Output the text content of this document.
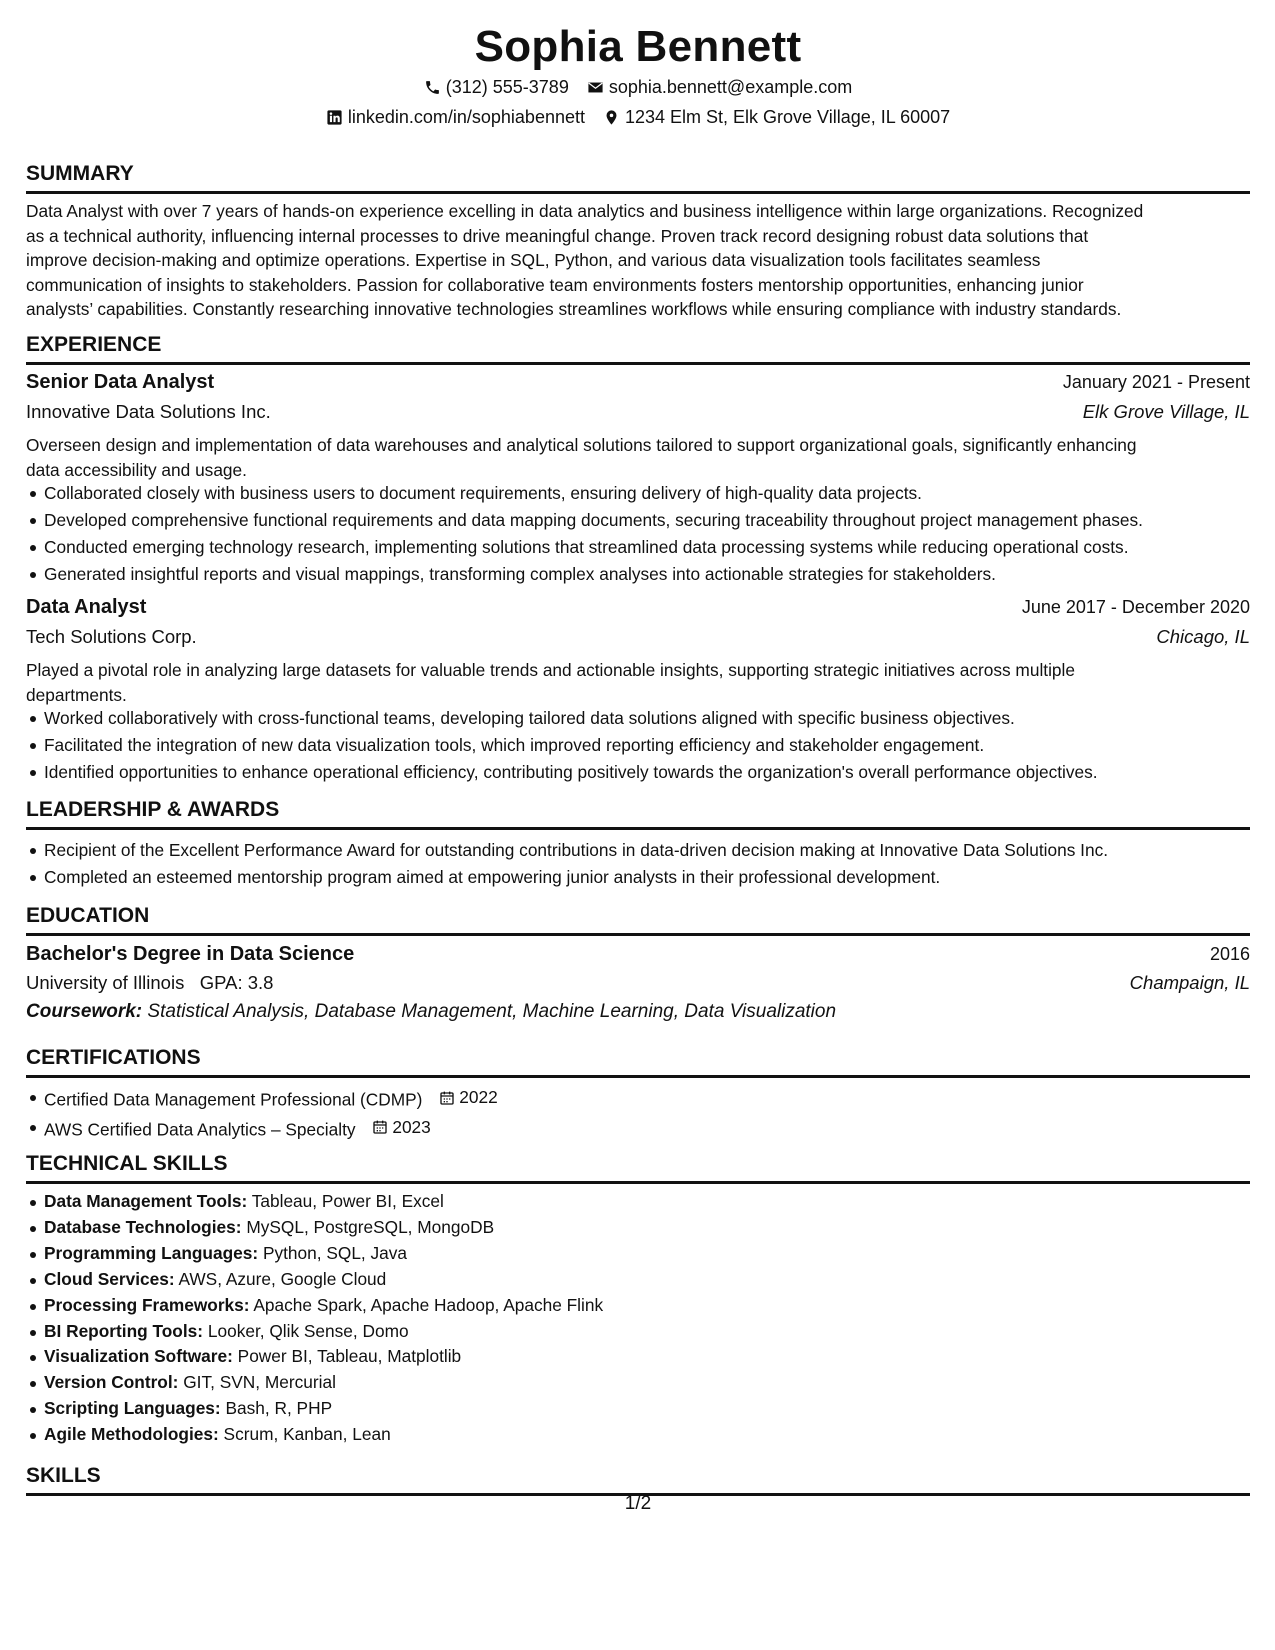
Sophia Bennett
(312) 555-3789 sophia.bennett@example.com
linkedin.com/in/sophiabennett 1234 Elm St, Elk Grove Village, IL 60007
SUMMARY
Data Analyst with over 7 years of hands-on experience excelling in data analytics and business intelligence within large organizations. Recognized
as a technical authority, influencing internal processes to drive meaningful change. Proven track record designing robust data solutions that
improve decision-making and optimize operations. Expertise in SQL, Python, and various data visualization tools facilitates seamless
communication of insights to stakeholders. Passion for collaborative team environments fosters mentorship opportunities, enhancing junior
analysts’ capabilities. Constantly researching innovative technologies streamlines workflows while ensuring compliance with industry standards.
EXPERIENCE
Senior Data Analyst	January 2021 - Present
Innovative Data Solutions Inc.	Elk Grove Village, IL
Overseen design and implementation of data warehouses and analytical solutions tailored to support organizational goals, significantly enhancing
data accessibility and usage.
Collaborated closely with business users to document requirements, ensuring delivery of high-quality data projects.
Developed comprehensive functional requirements and data mapping documents, securing traceability throughout project management phases.
Conducted emerging technology research, implementing solutions that streamlined data processing systems while reducing operational costs.
Generated insightful reports and visual mappings, transforming complex analyses into actionable strategies for stakeholders.
Data Analyst	June 2017 - December 2020
Tech Solutions Corp.	Chicago, IL
Played a pivotal role in analyzing large datasets for valuable trends and actionable insights, supporting strategic initiatives across multiple
departments.
Worked collaboratively with cross-functional teams, developing tailored data solutions aligned with specific business objectives.
Facilitated the integration of new data visualization tools, which improved reporting efficiency and stakeholder engagement.
Identified opportunities to enhance operational efficiency, contributing positively towards the organization's overall performance objectives.
LEADERSHIP & AWARDS
Recipient of the Excellent Performance Award for outstanding contributions in data-driven decision making at Innovative Data Solutions Inc.
Completed an esteemed mentorship program aimed at empowering junior analysts in their professional development.
EDUCATION
Bachelor's Degree in Data Science	2016
University of Illinois GPA: 3.8	Champaign, IL
Coursework: Statistical Analysis, Database Management, Machine Learning, Data Visualization
CERTIFICATIONS
Certified Data Management Professional (CDMP) 2022
AWS Certified Data Analytics – Specialty 2023
TECHNICAL SKILLS
Data Management Tools: Tableau, Power BI, Excel
Database Technologies: MySQL, PostgreSQL, MongoDB
Programming Languages: Python, SQL, Java
Cloud Services: AWS, Azure, Google Cloud
Processing Frameworks: Apache Spark, Apache Hadoop, Apache Flink
BI Reporting Tools: Looker, Qlik Sense, Domo
Visualization Software: Power BI, Tableau, Matplotlib
Version Control: GIT, SVN, Mercurial
Scripting Languages: Bash, R, PHP
Agile Methodologies: Scrum, Kanban, Lean
SKILLS
1/2
